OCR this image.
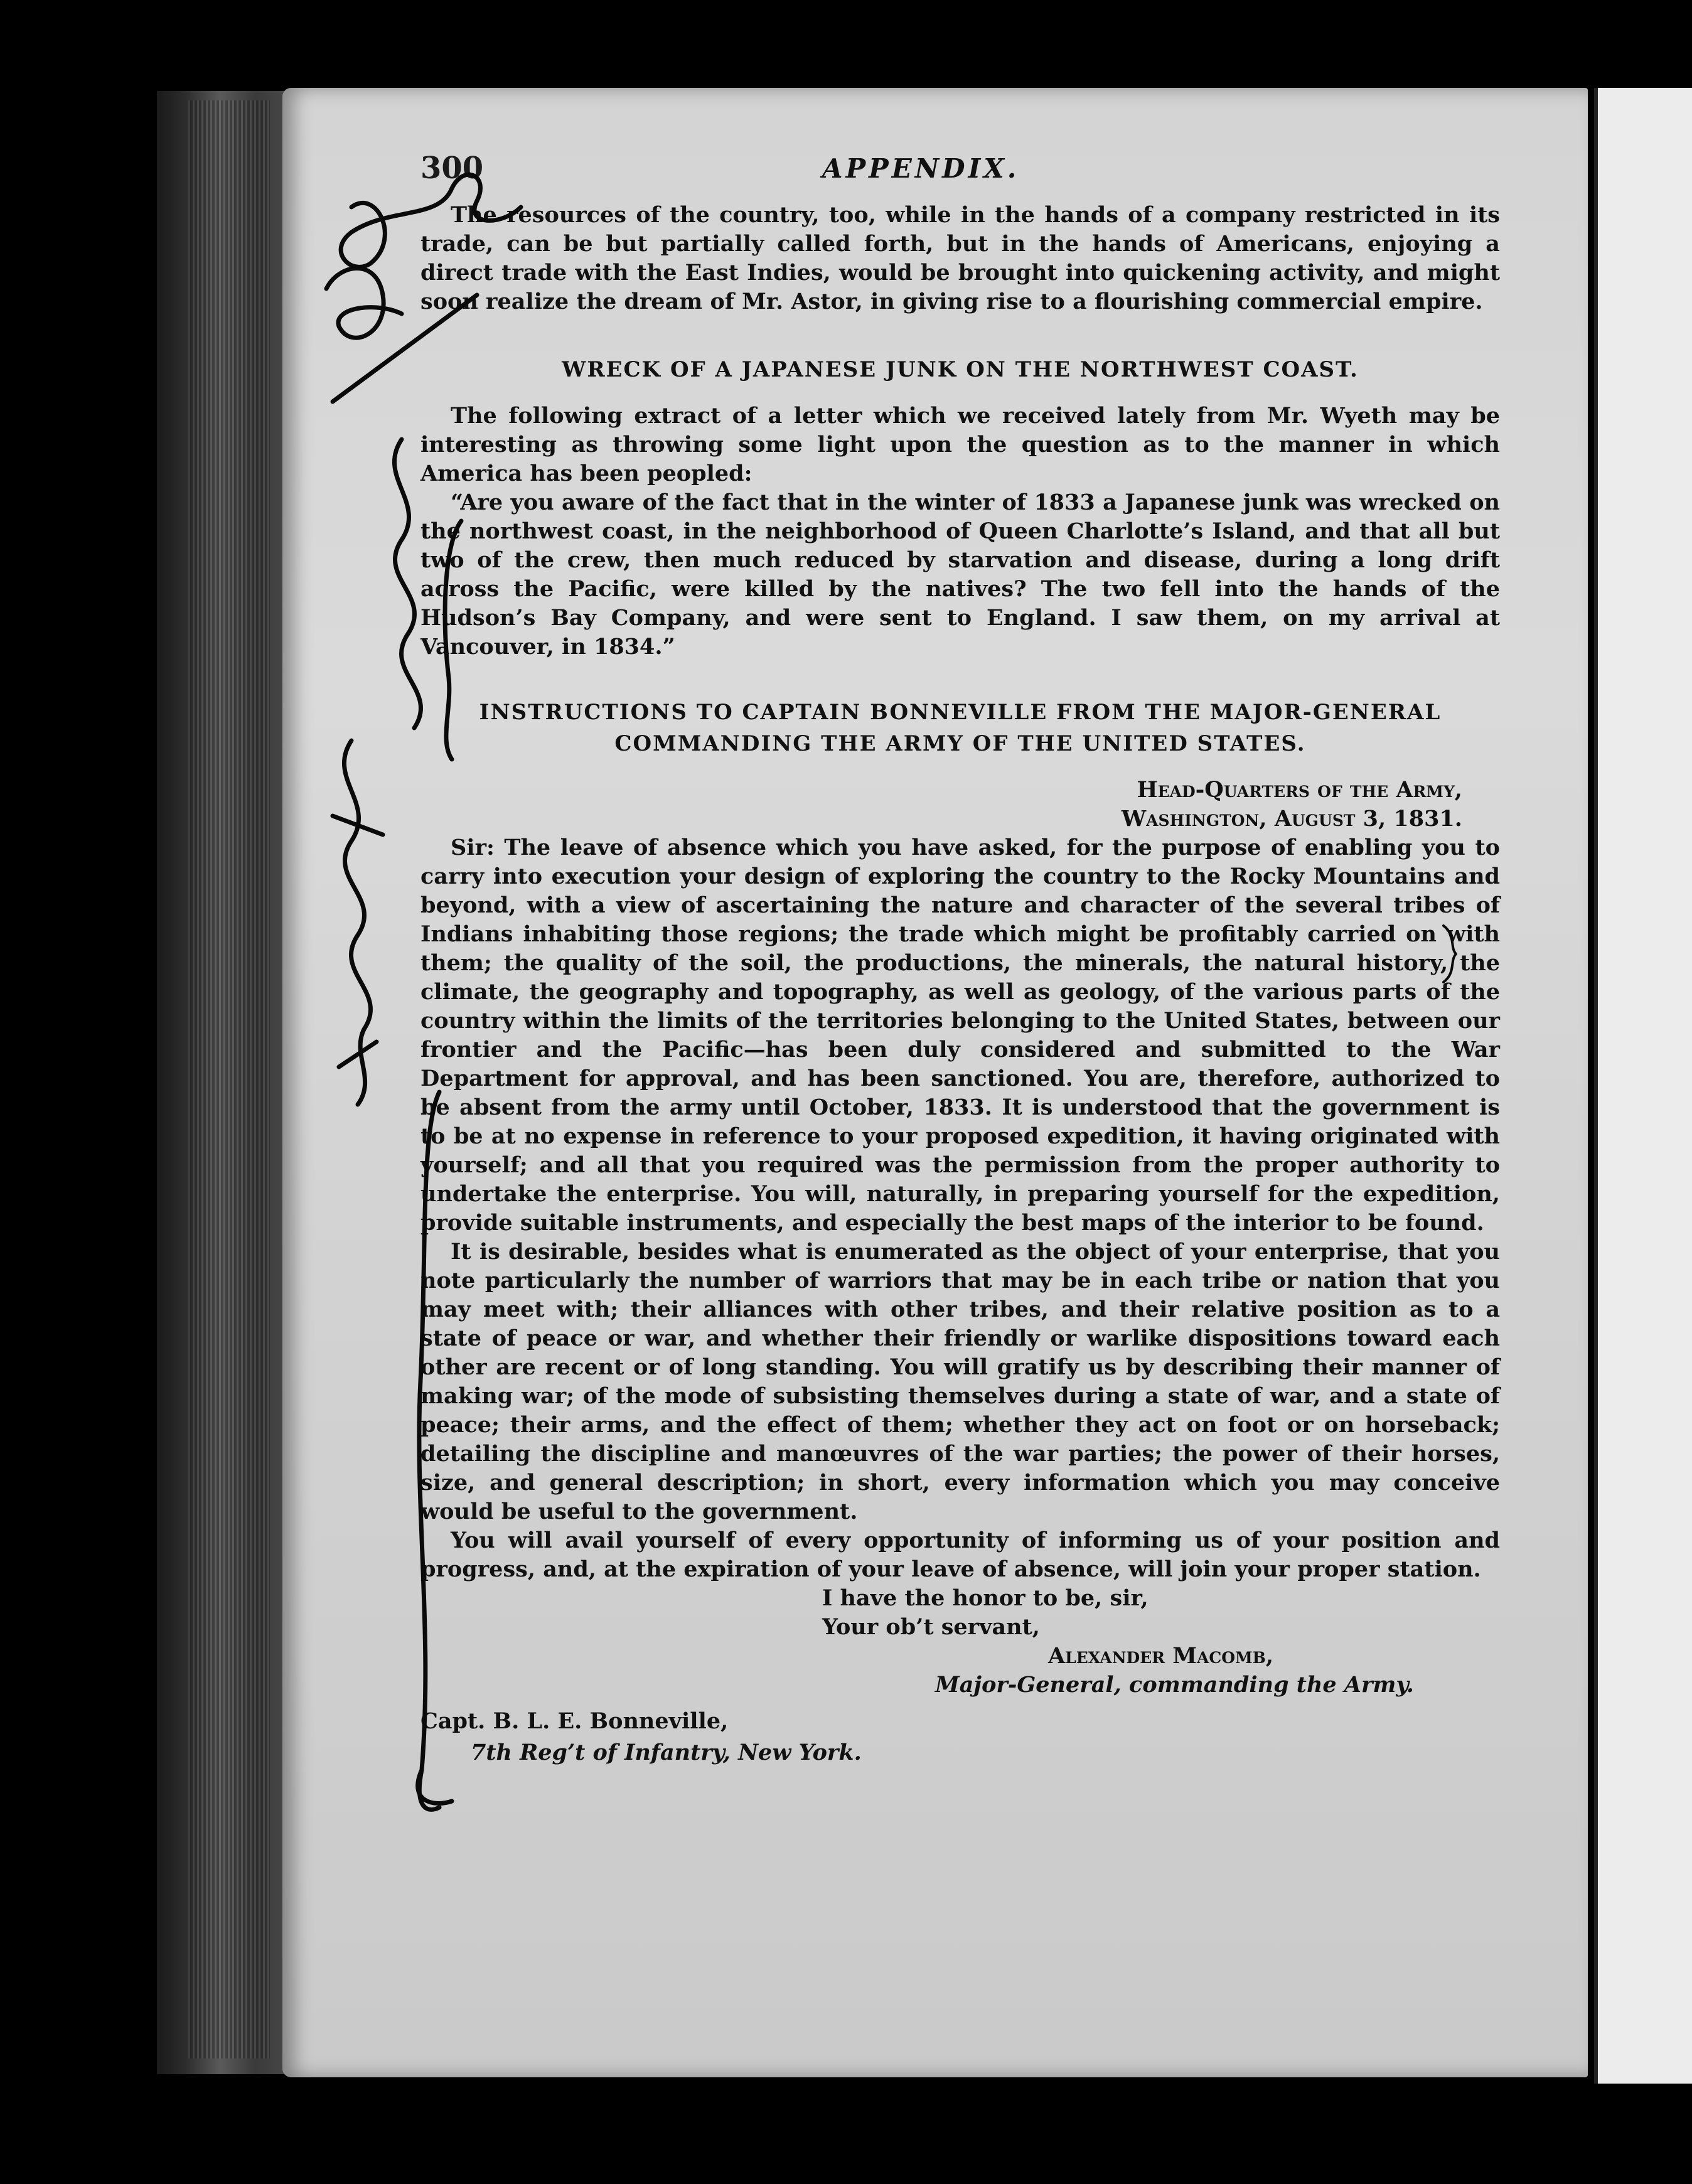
300	APPENDIX.

The resources of the country, too, while in the hands of a company restricted in its trade, can be but partially called forth, but in the hands of Americans, enjoying a direct trade with the East Indies, would be brought into quickening activity, and might soon realize the dream of Mr. Astor, in giving rise to a flourishing commercial empire.

WRECK OF A JAPANESE JUNK ON THE NORTHWEST COAST.

The following extract of a letter which we received lately from Mr. Wyeth may be interesting as throwing some light upon the question as to the manner in which America has been peopled:

“Are you aware of the fact that in the winter of 1833 a Japanese junk was wrecked on the northwest coast, in the neighborhood of Queen Charlotte’s Island, and that all but two of the crew, then much reduced by starvation and disease, during a long drift across the Pacific, were killed by the natives? The two fell into the hands of the Hudson’s Bay Company, and were sent to England. I saw them, on my arrival at Vancouver, in 1834.”

INSTRUCTIONS TO CAPTAIN BONNEVILLE FROM THE MAJOR-GENERAL
COMMANDING THE ARMY OF THE UNITED STATES.
Head-Quarters of the Army,
Washington, August 3, 1831.

Sir: The leave of absence which you have asked, for the purpose of enabling you to carry into execution your design of exploring the country to the Rocky Mountains and beyond, with a view of ascertaining the nature and character of the several tribes of Indians inhabiting those regions; the trade which might be profitably carried on with them; the quality of the soil, the productions, the minerals, the natural history, the climate, the geography and topography, as well as geology, of the various parts of the country within the limits of the territories belonging to the United States, between our frontier and the Pacific—has been duly considered and submitted to the War Department for approval, and has been sanctioned. You are, therefore, authorized to be absent from the army until October, 1833. It is understood that the government is to be at no expense in reference to your proposed expedition, it having originated with yourself; and all that you required was the permission from the proper authority to undertake the enterprise. You will, naturally, in preparing yourself for the expedition, provide suitable instruments, and especially the best maps of the interior to be found.

It is desirable, besides what is enumerated as the object of your enterprise, that you note particularly the number of warriors that may be in each tribe or nation that you may meet with; their alliances with other tribes, and their relative position as to a state of peace or war, and whether their friendly or warlike dispositions toward each other are recent or of long standing. You will gratify us by describing their manner of making war; of the mode of subsisting themselves during a state of war, and a state of peace; their arms, and the effect of them; whether they act on foot or on horseback; detailing the discipline and manœuvres of the war parties; the power of their horses, size, and general description; in short, every information which you may conceive would be useful to the government.

You will avail yourself of every opportunity of informing us of your position and progress, and, at the expiration of your leave of absence, will join your proper station.

I have the honor to be, sir,
Your ob’t servant,
Alexander Macomb,
Major-General, commanding the Army.
Capt. B. L. E. Bonneville,
7th Reg’t of Infantry, New York.
